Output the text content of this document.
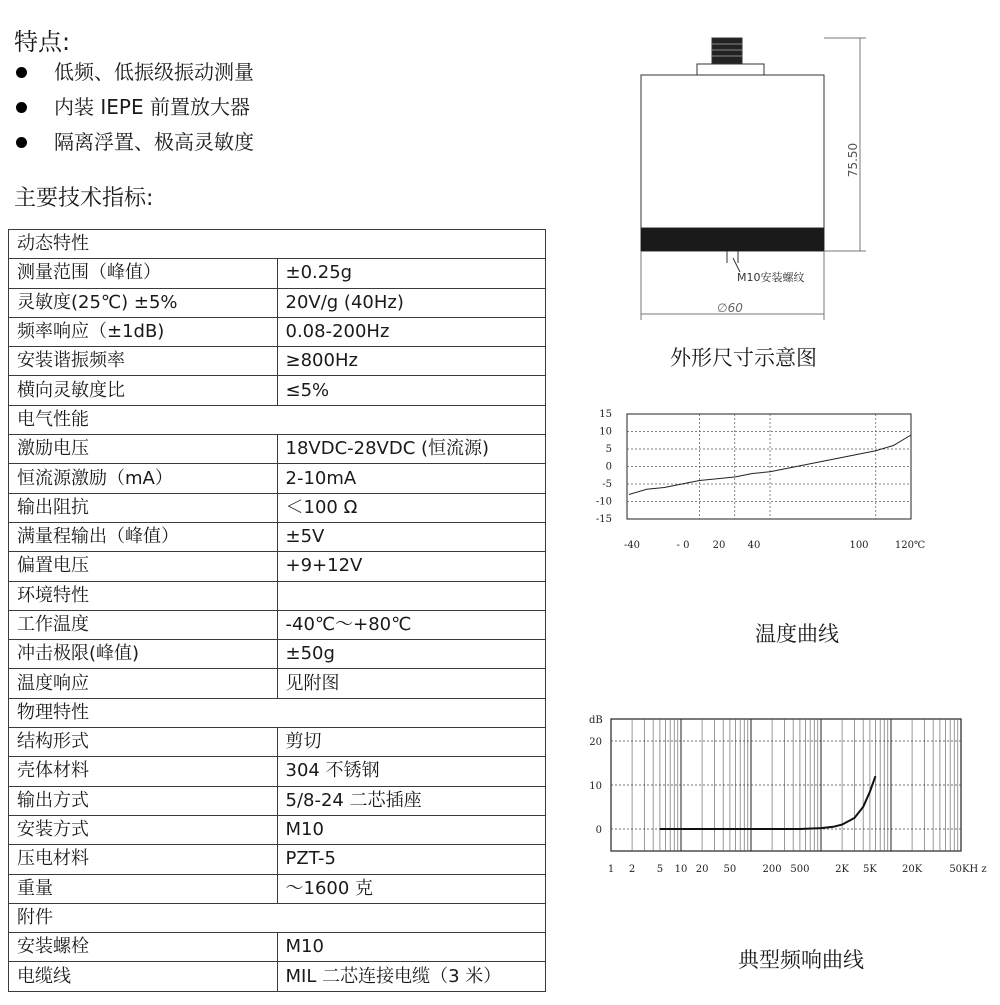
特点:
低频、低振级振动测量
内装 IEPE 前置放大器
隔离浮置、极高灵敏度
主要技术指标:
动态特性	
测量范围（峰值）	±0.25g
灵敏度(25℃) ±5%	20V/g (40Hz)
频率响应（±1dB)	0.08-200Hz
安装谐振频率	≥800Hz
横向灵敏度比	≤5%
电气性能	
激励电压	18VDC-28VDC (恒流源)
恒流源激励（mA）	2-10mA
输出阻抗	＜100 Ω
满量程输出（峰值）	±5V
偏置电压	+9+12V
环境特性	
工作温度	-40℃～+80℃
冲击极限(峰值)	±50g
温度响应	见附图
物理特性	
结构形式	剪切
壳体材料	304 不锈钢
输出方式	5/8-24 二芯插座
安装方式	M10
压电材料	PZT-5
重量	～1600 克
附件	
安装螺栓	M10
电缆线	MIL 二芯连接电缆（3 米）
75.50
M10安装螺纹
∅60
外形尺寸示意图
15
10
5
0
-5
-10
-15
-40	- 0 20 40	100	120℃
温度曲线
20
10
0
1 2 5 10 20 50	200 500	2K 5K	20K	50KH z
dB
典型频响曲线
